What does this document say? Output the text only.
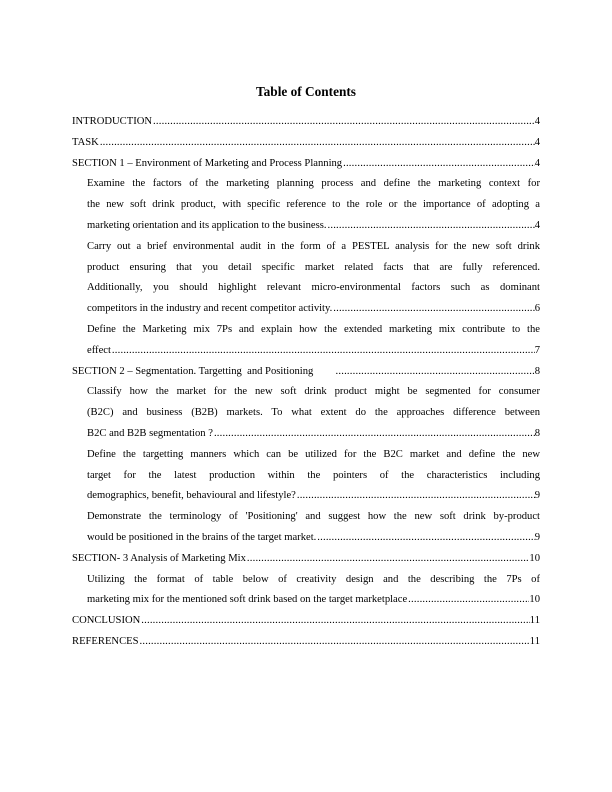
Table of Contents
INTRODUCTION .....	4
TASK .....	4
SECTION 1 – Environment of Marketing and Process Planning .....	4
Examine the factors of the marketing planning process and define the marketing context for
the new soft drink product, with specific reference to the role or the importance of adopting a
marketing orientation and its application to the business. .....	4
Carry out a brief environmental audit in the form of a PESTEL analysis for the new soft drink
product ensuring that you detail specific market related facts that are fully referenced.
Additionally, you should highlight relevant micro-environmental factors such as dominant
competitors in the industry and recent competitor activity. .....	6
Define the Marketing mix 7Ps and explain how the extended marketing mix contribute to the
effect .....	7
SECTION 2 – Segmentation. Targetting  and Positioning .....	8
Classify how the market for the new soft drink product might be segmented for consumer
(B2C) and business (B2B) markets. To what extent do the approaches difference between
B2C and B2B segmentation ? .....	8
Define the targetting manners which can be utilized for the B2C market and define the new
target for the latest production within the pointers of the characteristics including
demographics, benefit, behavioural and lifestyle? .....	9
Demonstrate the terminology of 'Positioning' and suggest how the new soft drink by-product
would be positioned in the brains of the target market. .....	9
SECTION- 3 Analysis of Marketing Mix .....	10
Utilizing the format of table below of creativity design and the describing the 7Ps of
marketing mix for the mentioned soft drink based on the target marketplace .....	10
CONCLUSION .....	11
REFERENCES .....	11
